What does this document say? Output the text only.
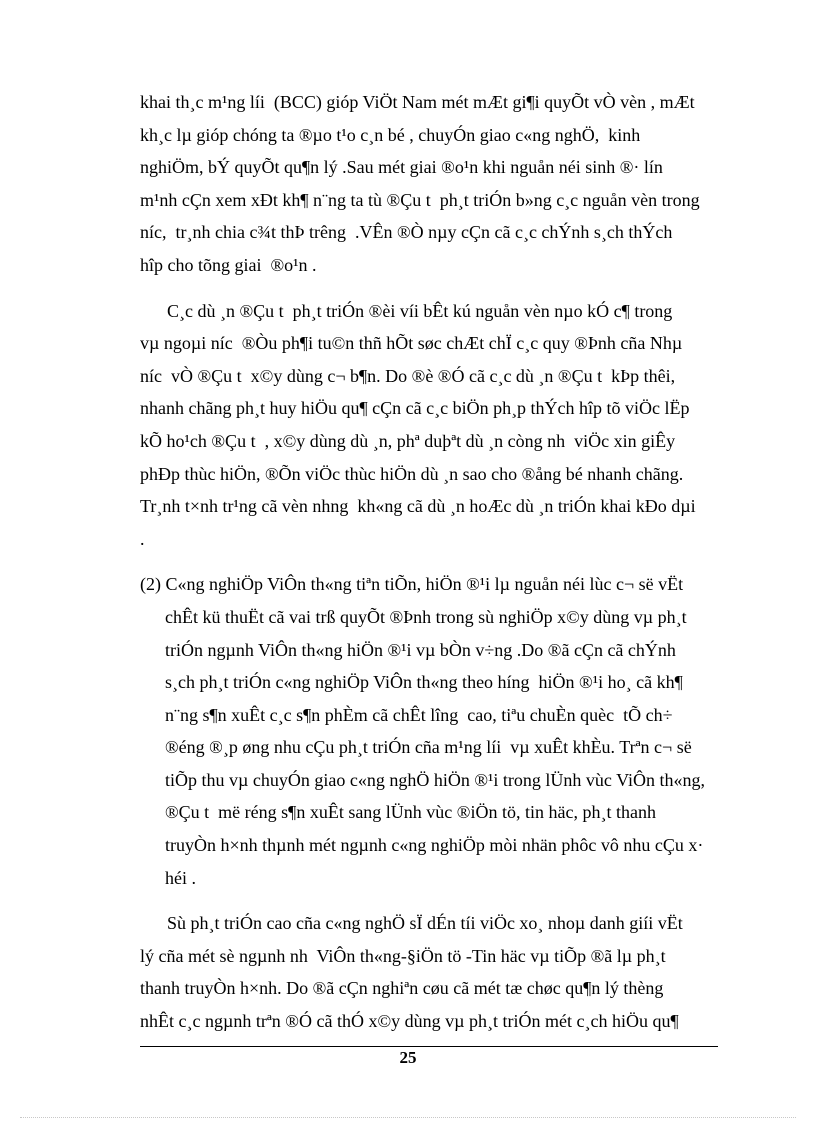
khai th¸c m¹ng líi  (BCC) gióp ViÖt Nam mét mÆt gi¶i quyÕt vÒ vèn , mÆt
kh¸c lµ gióp chóng ta ®µo t¹o c¸n bé , chuyÓn giao c«ng nghÖ,  kinh
nghiÖm, bÝ quyÕt qu¶n lý .Sau mét giai ®o¹n khi nguån néi sinh ®· lín
m¹nh cÇn xem xÐt kh¶ n¨ng ta tù ®Çu t  ph¸t triÓn b»ng c¸c nguån vèn trong
níc,  tr¸nh chia c¾t thÞ trêng  .VÊn ®Ò nµy cÇn cã c¸c chÝnh s¸ch thÝch
hîp cho tõng giai  ®o¹n .
C¸c dù ¸n ®Çu t  ph¸t triÓn ®èi víi bÊt kú nguån vèn nµo kÓ c¶ trong
vµ ngoµi níc  ®Òu ph¶i tu©n thñ hÕt søc chÆt chÏ c¸c quy ®Þnh cña Nhµ
níc  vÒ ®Çu t  x©y dùng c¬ b¶n. Do ®è ®Ó cã c¸c dù ¸n ®Çu t  kÞp thêi,
nhanh chãng ph¸t huy hiÖu qu¶ cÇn cã c¸c biÖn ph¸p thÝch hîp tõ viÖc lËp
kÕ ho¹ch ®Çu t  , x©y dùng dù ¸n, phª duþªt dù ¸n còng nh  viÖc xin giÊy
phÐp thùc hiÖn, ®Õn viÖc thùc hiÖn dù ¸n sao cho ®ång bé nhanh chãng.
Tr¸nh t×nh tr¹ng cã vèn nhng  kh«ng cã dù ¸n hoÆc dù ¸n triÓn khai kÐo dµi
.
(2) C«ng nghiÖp ViÔn th«ng tiªn tiÕn, hiÖn ®¹i lµ nguån néi lùc c¬ së vËt
chÊt kü thuËt cã vai trß quyÕt ®Þnh trong sù nghiÖp x©y dùng vµ ph¸t
triÓn ngµnh ViÔn th«ng hiÖn ®¹i vµ bÒn v÷ng .Do ®ã cÇn cã chÝnh
s¸ch ph¸t triÓn c«ng nghiÖp ViÔn th«ng theo híng  hiÖn ®¹i ho¸ cã kh¶
n¨ng s¶n xuÊt c¸c s¶n phÈm cã chÊt lîng  cao, tiªu chuÈn quèc  tÕ ch÷
®éng ®¸p øng nhu cÇu ph¸t triÓn cña m¹ng líi  vµ xuÊt khÈu. Trªn c¬ së
tiÕp thu vµ chuyÓn giao c«ng nghÖ hiÖn ®¹i trong lÜnh vùc ViÔn th«ng,
®Çu t  më réng s¶n xuÊt sang lÜnh vùc ®iÖn tö, tin häc, ph¸t thanh
truyÒn h×nh thµnh mét ngµnh c«ng nghiÖp mòi nhän phôc vô nhu cÇu x·
héi .
Sù ph¸t triÓn cao cña c«ng nghÖ sÏ dÉn tíi viÖc xo¸ nhoµ danh giíi vËt
lý cña mét sè ngµnh nh  ViÔn th«ng-§iÖn tö -Tin häc vµ tiÕp ®ã lµ ph¸t
thanh truyÒn h×nh. Do ®ã cÇn nghiªn cøu cã mét tæ chøc qu¶n lý thèng
nhÊt c¸c ngµnh trªn ®Ó cã thÓ x©y dùng vµ ph¸t triÓn mét c¸ch hiÖu qu¶
25
